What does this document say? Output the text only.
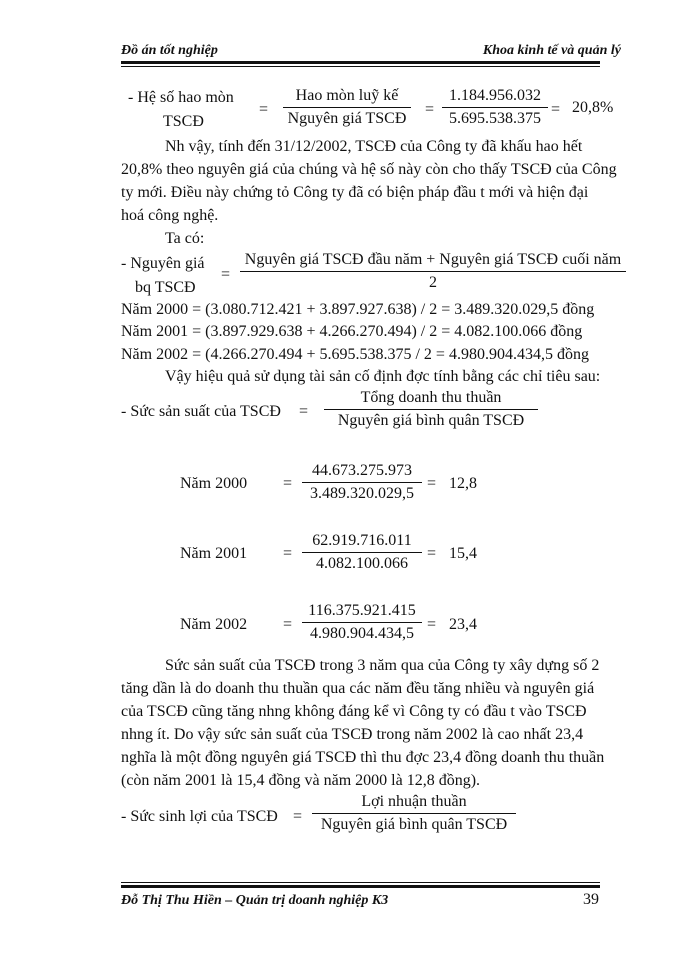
Đồ án tốt nghiệp	Khoa kinh tế và quản lý
- Hệ số hao mòn
TSCĐ
=
Hao mòn luỹ kế
Nguyên giá TSCĐ
=
1.184.956.032
5.695.538.375
= 20,8%

Nh vậy, tính đến 31/12/2002, TSCĐ của Công ty đã khấu hao hết

20,8% theo nguyên giá của chúng và hệ số này còn cho thấy TSCĐ của Công

ty mới. Điều này chứng tỏ Công ty đã có biện pháp đầu t mới và hiện đại

hoá công nghệ.

Ta có:
- Nguyên giá
bq TSCĐ
=
Nguyên giá TSCĐ đầu năm + Nguyên giá TSCĐ cuối năm
2
Năm 2000 = (3.080.712.421 + 3.897.927.638) / 2 = 3.489.320.029,5 đồng
Năm 2001 = (3.897.929.638 + 4.266.270.494) / 2 = 4.082.100.066 đồng
Năm 2002 = (4.266.270.494 + 5.695.538.375 / 2 = 4.980.904.434,5 đồng
Vậy hiệu quả sử dụng tài sản cố định đợc tính bằng các chỉ tiêu sau:
- Sức sản suất của TSCĐ =
Tổng doanh thu thuần
Nguyên giá bình quân TSCĐ
Năm 2000 =
44.673.275.973
3.489.320.029,5
= 12,8
Năm 2001 =
62.919.716.011
4.082.100.066
= 15,4
Năm 2002 =
116.375.921.415
4.980.904.434,5
= 23,4

Sức sản suất của TSCĐ trong 3 năm qua của Công ty xây dựng số 2

tăng dần là do doanh thu thuần qua các năm đều tăng nhiều và nguyên giá

của TSCĐ cũng tăng nhng không đáng kể vì Công ty có đầu t vào TSCĐ

nhng ít. Do vậy sức sản suất của TSCĐ trong năm 2002 là cao nhất 23,4

nghĩa là một đồng nguyên giá TSCĐ thì thu đợc 23,4 đồng doanh thu thuần

(còn năm 2001 là 15,4 đồng và năm 2000 là 12,8 đồng).

- Sức sinh lợi của TSCĐ =
Lợi nhuận thuần
Nguyên giá bình quân TSCĐ
Đỗ Thị Thu Hiền – Quản trị doanh nghiệp K3	39
